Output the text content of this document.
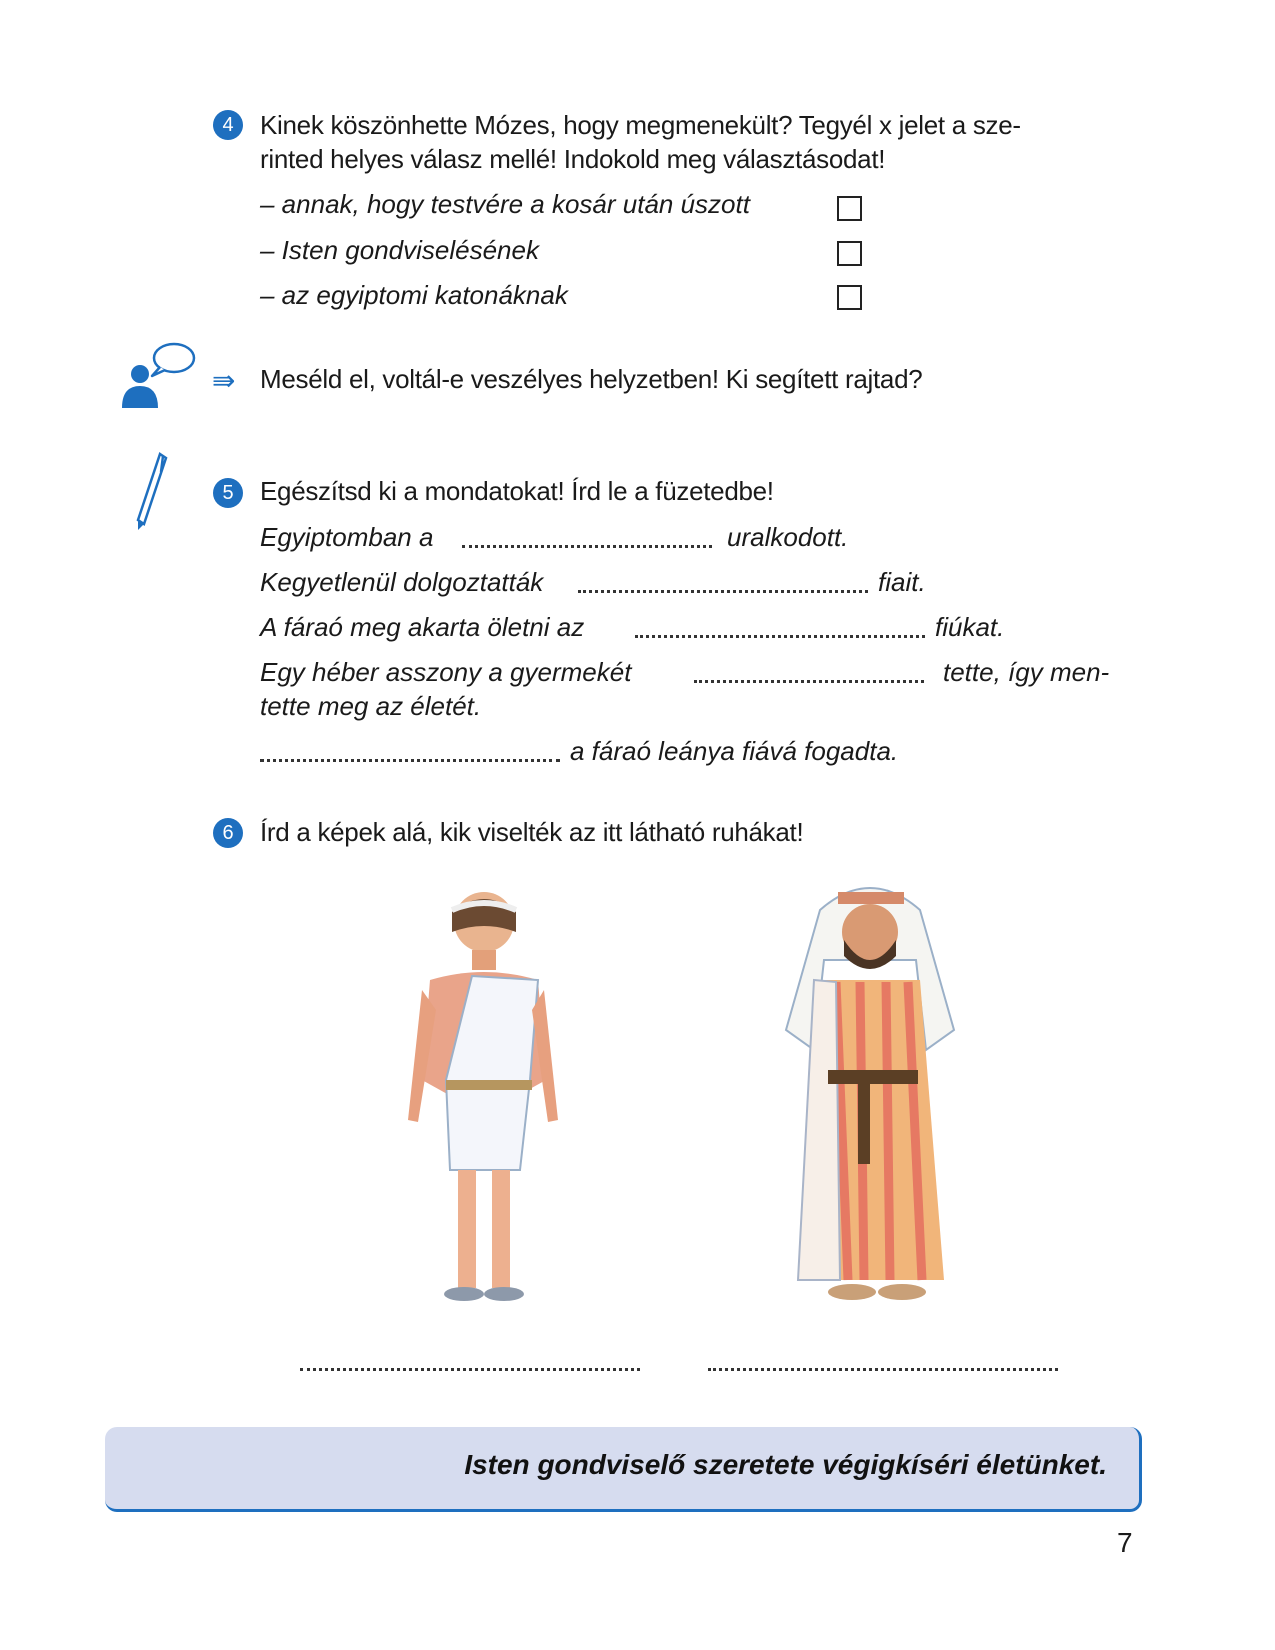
4	Kinek köszönhette Mózes, hogy megmenekült? Tegyél x jelet a sze-
rinted helyes válasz mellé! Indokold meg választásodat!
– annak, hogy testvére a kosár után úszott
– Isten gondviselésének
– az egyiptomi katonáknak
⇛ Meséld el, voltál-e veszélyes helyzetben! Ki segített rajtad?
5	Egészítsd ki a mondatokat! Írd le a füzetedbe!
Egyiptomban a	uralkodott.
Kegyetlenül dolgoztatták	fiait.
A fáraó meg akarta öletni az	fiúkat.
Egy héber asszony a gyermekét	tette, így men-
tette meg az életét.
a fáraó leánya fiává fogadta.
6	Írd a képek alá, kik viselték az itt látható ruhákat!
Isten gondviselő szeretete végigkíséri életünket.
7
